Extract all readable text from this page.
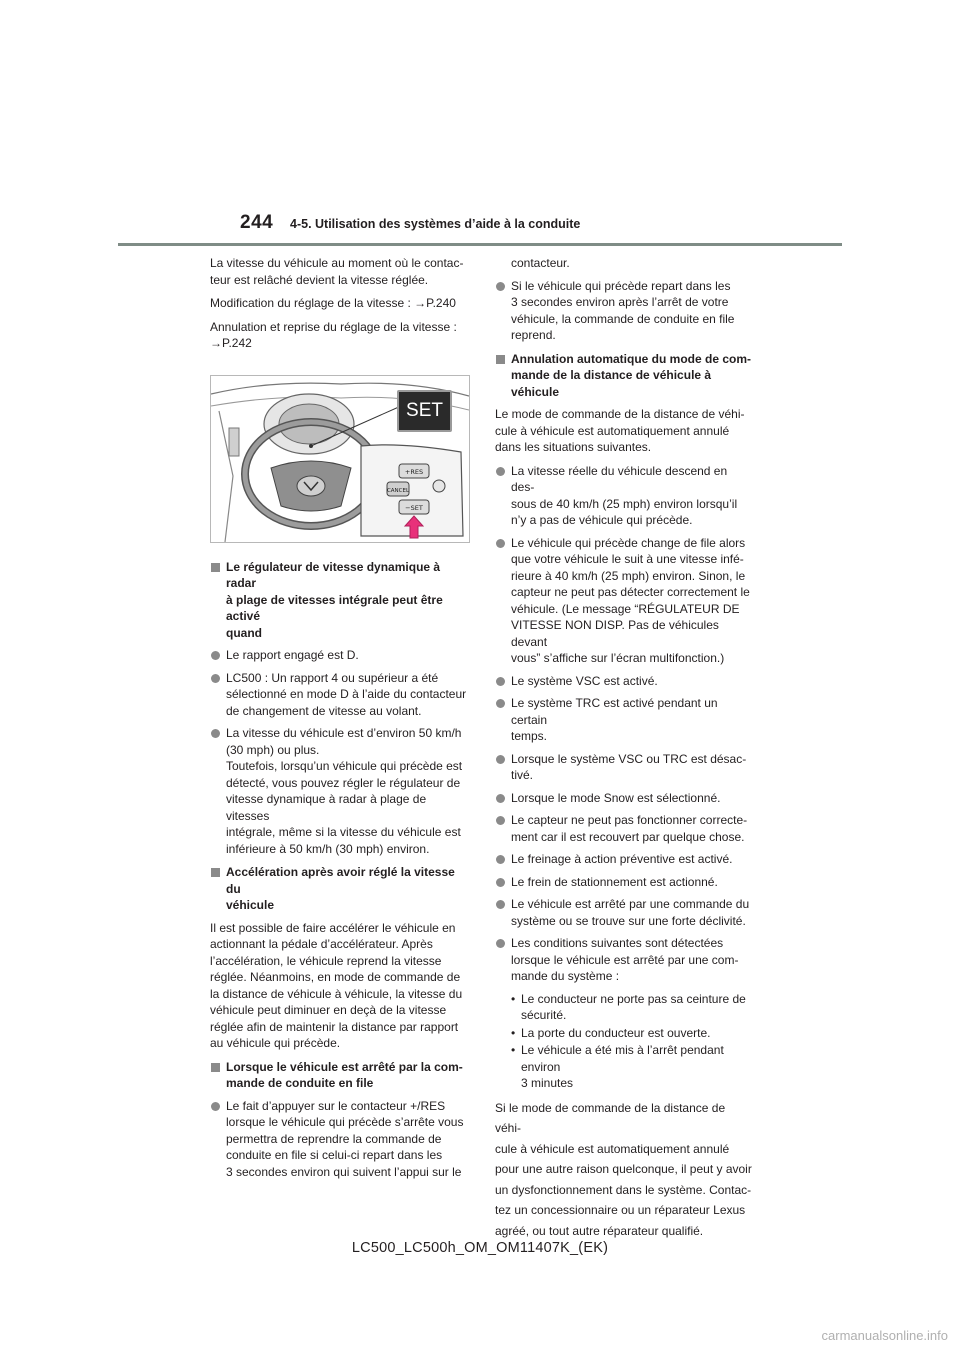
244 4-5. Utilisation des systèmes d’aide à la conduite
La vitesse du véhicule au moment où le contac-
teur est relâché devient la vitesse réglée.
Modification du réglage de la vitesse : →P.240
Annulation et reprise du réglage de la vitesse :
→P.242
+RES
CANCEL
−SET
SET
Le régulateur de vitesse dynamique à radar
à plage de vitesses intégrale peut être activé
quand
Le rapport engagé est D.
LC500 : Un rapport 4 ou supérieur a été
sélectionné en mode D à l’aide du contacteur
de changement de vitesse au volant.
La vitesse du véhicule est d’environ 50 km/h
(30 mph) ou plus.
Toutefois, lorsqu’un véhicule qui précède est
détecté, vous pouvez régler le régulateur de
vitesse dynamique à radar à plage de vitesses
intégrale, même si la vitesse du véhicule est
inférieure à 50 km/h (30 mph) environ.
Accélération après avoir réglé la vitesse du
véhicule
Il est possible de faire accélérer le véhicule en
actionnant la pédale d’accélérateur. Après
l’accélération, le véhicule reprend la vitesse
réglée. Néanmoins, en mode de commande de
la distance de véhicule à véhicule, la vitesse du
véhicule peut diminuer en deçà de la vitesse
réglée afin de maintenir la distance par rapport
au véhicule qui précède.
Lorsque le véhicule est arrêté par la com-
mande de conduite en file
Le fait d’appuyer sur le contacteur +/RES
lorsque le véhicule qui précède s’arrête vous
permettra de reprendre la commande de
conduite en file si celui-ci repart dans les
3 secondes environ qui suivent l’appui sur le
contacteur.
Si le véhicule qui précède repart dans les
3 secondes environ après l’arrêt de votre
véhicule, la commande de conduite en file
reprend.
Annulation automatique du mode de com-
mande de la distance de véhicule à véhicule
Le mode de commande de la distance de véhi-
cule à véhicule est automatiquement annulé
dans les situations suivantes.
La vitesse réelle du véhicule descend en des-
sous de 40 km/h (25 mph) environ lorsqu’il
n’y a pas de véhicule qui précède.
Le véhicule qui précède change de file alors
que votre véhicule le suit à une vitesse infé-
rieure à 40 km/h (25 mph) environ. Sinon, le
capteur ne peut pas détecter correctement le
véhicule. (Le message “RÉGULATEUR DE
VITESSE NON DISP. Pas de véhicules devant
vous” s’affiche sur l’écran multifonction.)
Le système VSC est activé.
Le système TRC est activé pendant un certain
temps.
Lorsque le système VSC ou TRC est désac-
tivé.
Lorsque le mode Snow est sélectionné.
Le capteur ne peut pas fonctionner correcte-
ment car il est recouvert par quelque chose.
Le freinage à action préventive est activé.
Le frein de stationnement est actionné.
Le véhicule est arrêté par une commande du
système ou se trouve sur une forte déclivité.
Les conditions suivantes sont détectées
lorsque le véhicule est arrêté par une com-
mande du système :
• Le conducteur ne porte pas sa ceinture de
sécurité.
• La porte du conducteur est ouverte.
• Le véhicule a été mis à l’arrêt pendant environ
3 minutes
Si le mode de commande de la distance de véhi-
cule à véhicule est automatiquement annulé
pour une autre raison quelconque, il peut y avoir
un dysfonctionnement dans le système. Contac-
tez un concessionnaire ou un réparateur Lexus
agréé, ou tout autre réparateur qualifié.
LC500_LC500h_OM_OM11407K_(EK)
carmanualsonline.info
